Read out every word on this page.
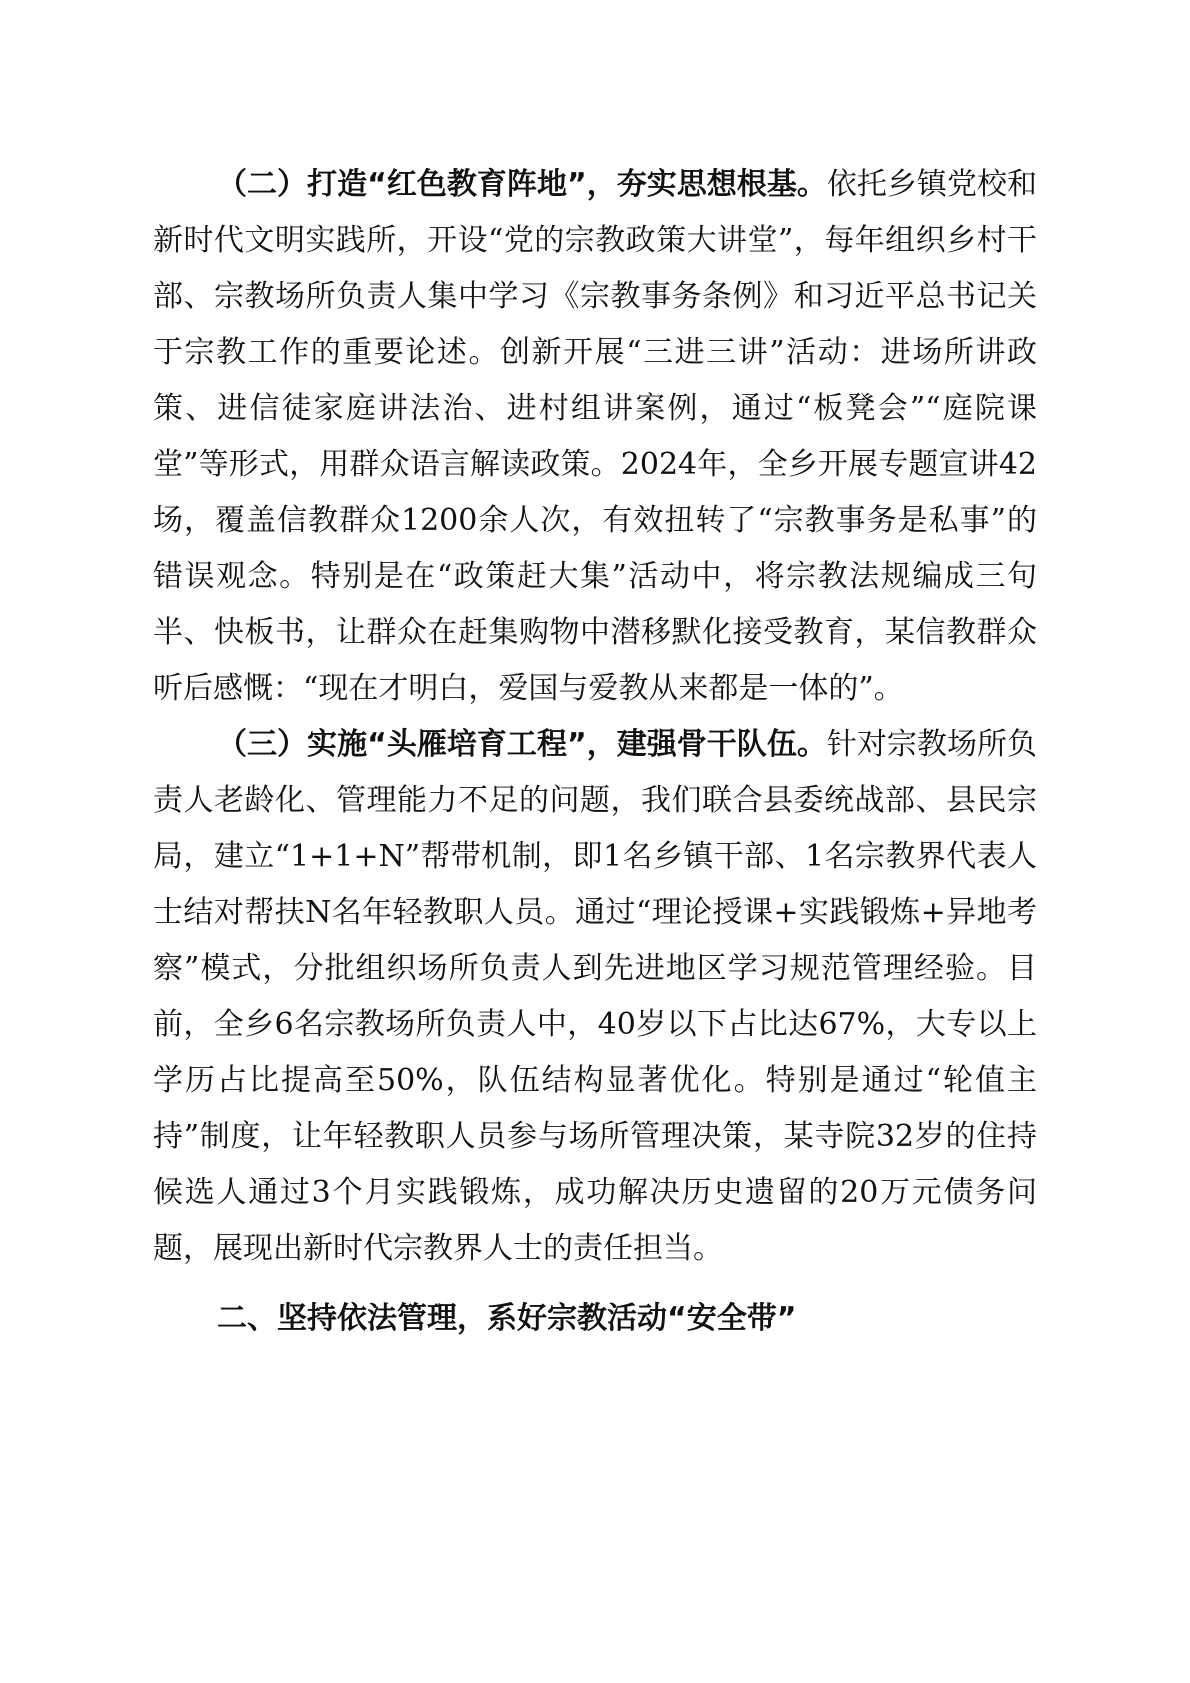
（二）打造“红色教育阵地”，夯实思想根基。依托乡镇党校和新时代文明实践所，开设“党的宗教政策大讲堂”，每年组织乡村干部、宗教场所负责人集中学习《宗教事务条例》和习近平总书记关于宗教工作的重要论述。创新开展“三进三讲”活动：进场所讲政策、进信徒家庭讲法治、进村组讲案例，通过“板凳会”“庭院课堂”等形式，用群众语言解读政策。2024年，全乡开展专题宣讲42场，覆盖信教群众1200余人次，有效扭转了“宗教事务是私事”的错误观念。特别是在“政策赶大集”活动中，将宗教法规编成三句半、快板书，让群众在赶集购物中潜移默化接受教育，某信教群众听后感慨：“现在才明白，爱国与爱教从来都是一体的”。

（三）实施“头雁培育工程”，建强骨干队伍。针对宗教场所负责人老龄化、管理能力不足的问题，我们联合县委统战部、县民宗局，建立“1+1+N”帮带机制，即1名乡镇干部、1名宗教界代表人士结对帮扶N名年轻教职人员。通过“理论授课+实践锻炼+异地考察”模式，分批组织场所负责人到先进地区学习规范管理经验。目前，全乡6名宗教场所负责人中，40岁以下占比达67%，大专以上学历占比提高至50%，队伍结构显著优化。特别是通过“轮值主持”制度，让年轻教职人员参与场所管理决策，某寺院32岁的住持候选人通过3个月实践锻炼，成功解决历史遗留的20万元债务问题，展现出新时代宗教界人士的责任担当。

二、坚持依法管理，系好宗教活动“安全带”
